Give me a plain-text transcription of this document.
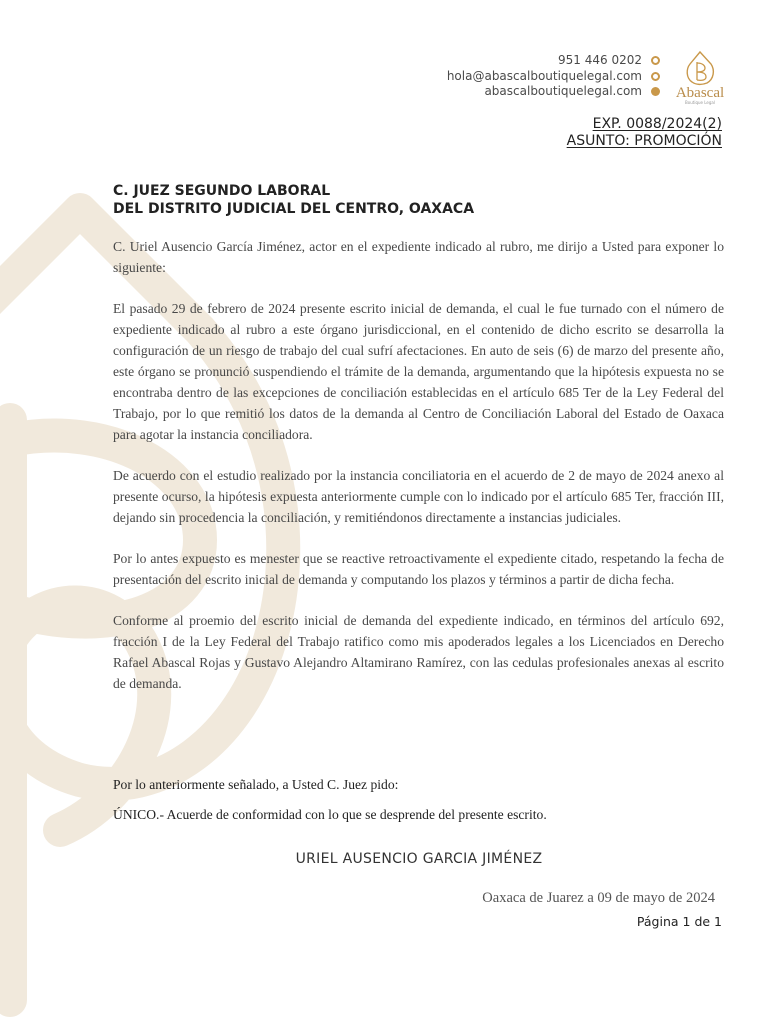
951 446 0202
hola@abascalboutiquelegal.com
abascalboutiquelegal.com	Abascal
Boutique Legal
EXP. 0088/2024(2)
ASUNTO: PROMOCIÓN
C. JUEZ SEGUNDO LABORAL
DEL DISTRITO JUDICIAL DEL CENTRO, OAXACA

C. Uriel Ausencio García Jiménez, actor en el expediente indicado al rubro, me dirijo a Usted para exponer lo siguiente:

El pasado 29 de febrero de 2024 presente escrito inicial de demanda, el cual le fue turnado con el número de expediente indicado al rubro a este órgano jurisdiccional, en el contenido de dicho escrito se desarrolla la configuración de un riesgo de trabajo del cual sufrí afectaciones. En auto de seis (6) de marzo del presente año, este órgano se pronunció suspendiendo el trámite de la demanda, argumentando que la hipótesis expuesta no se encontraba dentro de las excepciones de conciliación establecidas en el artículo 685 Ter de la Ley Federal del Trabajo, por lo que remitió los datos de la demanda al Centro de Conciliación Laboral del Estado de Oaxaca para agotar la instancia conciliadora.

De acuerdo con el estudio realizado por la instancia conciliatoria en el acuerdo de 2 de mayo de 2024 anexo al presente ocurso, la hipótesis expuesta anteriormente cumple con lo indicado por el artículo 685 Ter, fracción III, dejando sin procedencia la conciliación, y remitiéndonos directamente a instancias judiciales.

Por lo antes expuesto es menester que se reactive retroactivamente el expediente citado, respetando la fecha de presentación del escrito inicial de demanda y computando los plazos y términos a partir de dicha fecha.

Conforme al proemio del escrito inicial de demanda del expediente indicado, en términos del artículo 692, fracción I de la Ley Federal del Trabajo ratifico como mis apoderados legales a los Licenciados en Derecho Rafael Abascal Rojas y Gustavo Alejandro Altamirano Ramírez, con las cedulas profesionales anexas al escrito de demanda.

Por lo anteriormente señalado, a Usted C. Juez pido:

ÚNICO.- Acuerde de conformidad con lo que se desprende del presente escrito.

URIEL AUSENCIO GARCIA JIMÉNEZ
Oaxaca de Juarez a 09 de mayo de 2024
Página 1 de 1
